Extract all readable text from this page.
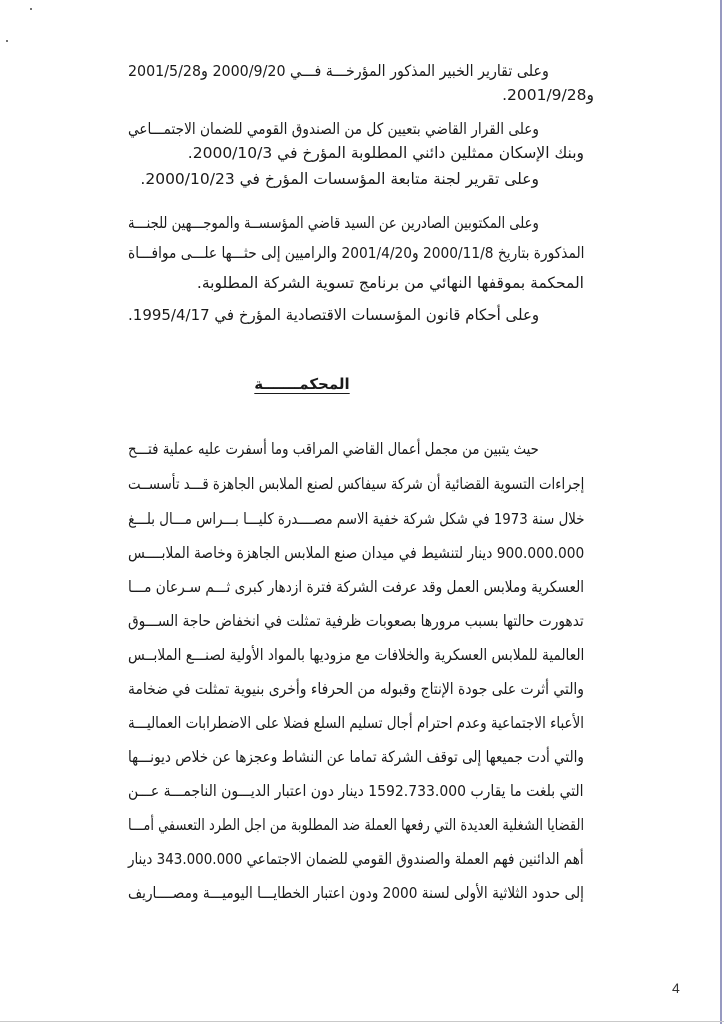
وعلى تقارير الخبير المذكور المؤرخـــة فـــي 2000/9/20 و2001/5/28
و2001/9/28.
وعلى القرار القاضي بتعيين كل من الصندوق القومي للضمان الاجتمـــاعي
وبنك الإسكان ممثلين دائني المطلوبة المؤرخ في 2000/10/3.
وعلى تقرير لجنة متابعة المؤسسات المؤرخ في 2000/10/23.
وعلى المكتوبين الصادرين عن السيد قاضي المؤسســة والموجـــهين للجنـــة
المذكورة بتاريخ 2000/11/8 و2001/4/20 والراميين إلى حثـــها علـــى موافـــاة
المحكمة بموقفها النهائي من برنامج تسوية الشركة المطلوبة.
وعلى أحكام قانون المؤسسات الاقتصادية المؤرخ في 1995/4/17.
المحكمـــــــة
حيث يتبين من مجمل أعمال القاضي المراقب وما أسفرت عليه عملية فتـــح
إجراءات التسوية القضائية أن شركة سيفاكس لصنع الملابس الجاهزة قـــد تأسســت
خلال سنة 1973 في شكل شركة خفية الاسم مصــــدرة كليـــا بـــراس مـــال بلـــغ
900.000.000 دينار لتنشيط في ميدان صنع الملابس الجاهزة وخاصة الملابــــس
العسكرية وملابس العمل وقد عرفت الشركة فترة ازدهار كبرى ثـــم سـرعان مـــا
تدهورت حالتها بسبب مرورها بصعوبات ظرفية تمثلت في انخفاض حاجة الســـوق
العالمية للملابس العسكرية والخلافات مع مزوديها بالمواد الأولية لصنـــع الملابــس
والتي أثرت على جودة الإنتاج وقبوله من الحرفاء وأخرى بنيوية تمثلت في ضخامة
الأعباء الاجتماعية وعدم احترام أجال تسليم السلع فضلا على الاضطرابات العماليـــة
والتي أدت جميعها إلى توقف الشركة تماما عن النشاط وعجزها عن خلاص ديونـــها
التي بلغت ما يقارب 1592.733.000 دينار دون اعتبار الديـــون الناجمـــة عـــن
القضايا الشغلية العديدة التي رفعها العملة ضد المطلوبة من اجل الطرد التعسفي أمـــا
أهم الدائنين فهم العملة والصندوق القومي للضمان الاجتماعي 343.000.000 دينار
إلى حدود الثلاثية الأولى لسنة 2000 ودون اعتبار الخطايـــا اليوميـــة ومصــــاريف
4
